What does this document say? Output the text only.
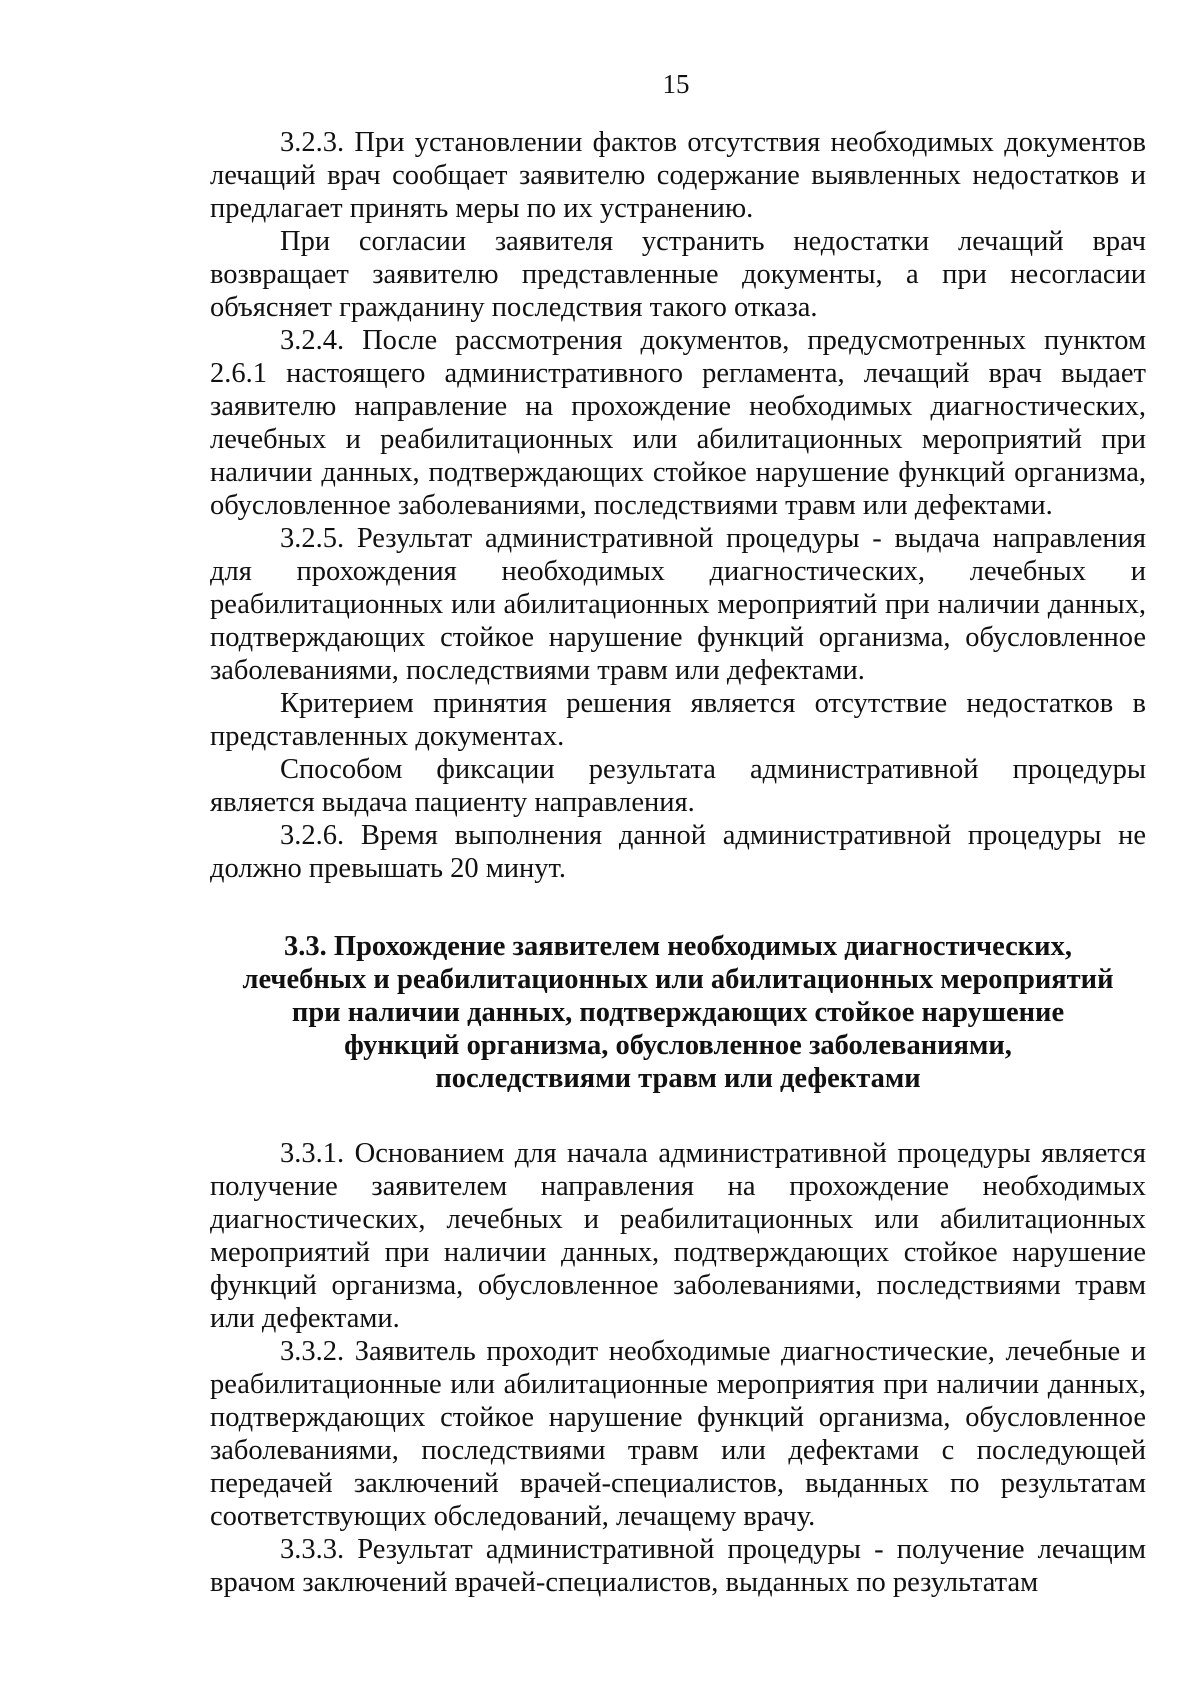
15

3.2.3. При установлении фактов отсутствия необходимых документов лечащий врач сообщает заявителю содержание выявленных недостатков и предлагает принять меры по их устранению.

При согласии заявителя устранить недостатки лечащий врач возвращает заявителю представленные документы, а при несогласии объясняет гражданину последствия такого отказа.

3.2.4. После рассмотрения документов, предусмотренных пунктом 2.6.1 настоящего административного регламента, лечащий врач выдает заявителю направление на прохождение необходимых диагностических, лечебных и реабилитационных или абилитационных мероприятий при наличии данных, подтверждающих стойкое нарушение функций организма, обусловленное заболеваниями, последствиями травм или дефектами.

3.2.5. Результат административной процедуры - выдача направления для прохождения необходимых диагностических, лечебных и реабилитационных или абилитационных мероприятий при наличии данных, подтверждающих стойкое нарушение функций организма, обусловленное заболеваниями, последствиями травм или дефектами.

Критерием принятия решения является отсутствие недостатков в представленных документах.

Способом фиксации результата административной процедуры является выдача пациенту направления.

3.2.6. Время выполнения данной административной процедуры не должно превышать 20 минут.

3.3. Прохождение заявителем необходимых диагностических,
лечебных и реабилитационных или абилитационных мероприятий
при наличии данных, подтверждающих стойкое нарушение
функций организма, обусловленное заболеваниями,
последствиями травм или дефектами

3.3.1. Основанием для начала административной процедуры является получение заявителем направления на прохождение необходимых диагностических, лечебных и реабилитационных или абилитационных мероприятий при наличии данных, подтверждающих стойкое нарушение функций организма, обусловленное заболеваниями, последствиями травм или дефектами.

3.3.2. Заявитель проходит необходимые диагностические, лечебные и реабилитационные или абилитационные мероприятия при наличии данных, подтверждающих стойкое нарушение функций организма, обусловленное заболеваниями, последствиями травм или дефектами с последующей передачей заключений врачей-специалистов, выданных по результатам соответствующих обследований, лечащему врачу.

3.3.3. Результат административной процедуры - получение лечащим врачом заключений врачей-специалистов, выданных по результатам
